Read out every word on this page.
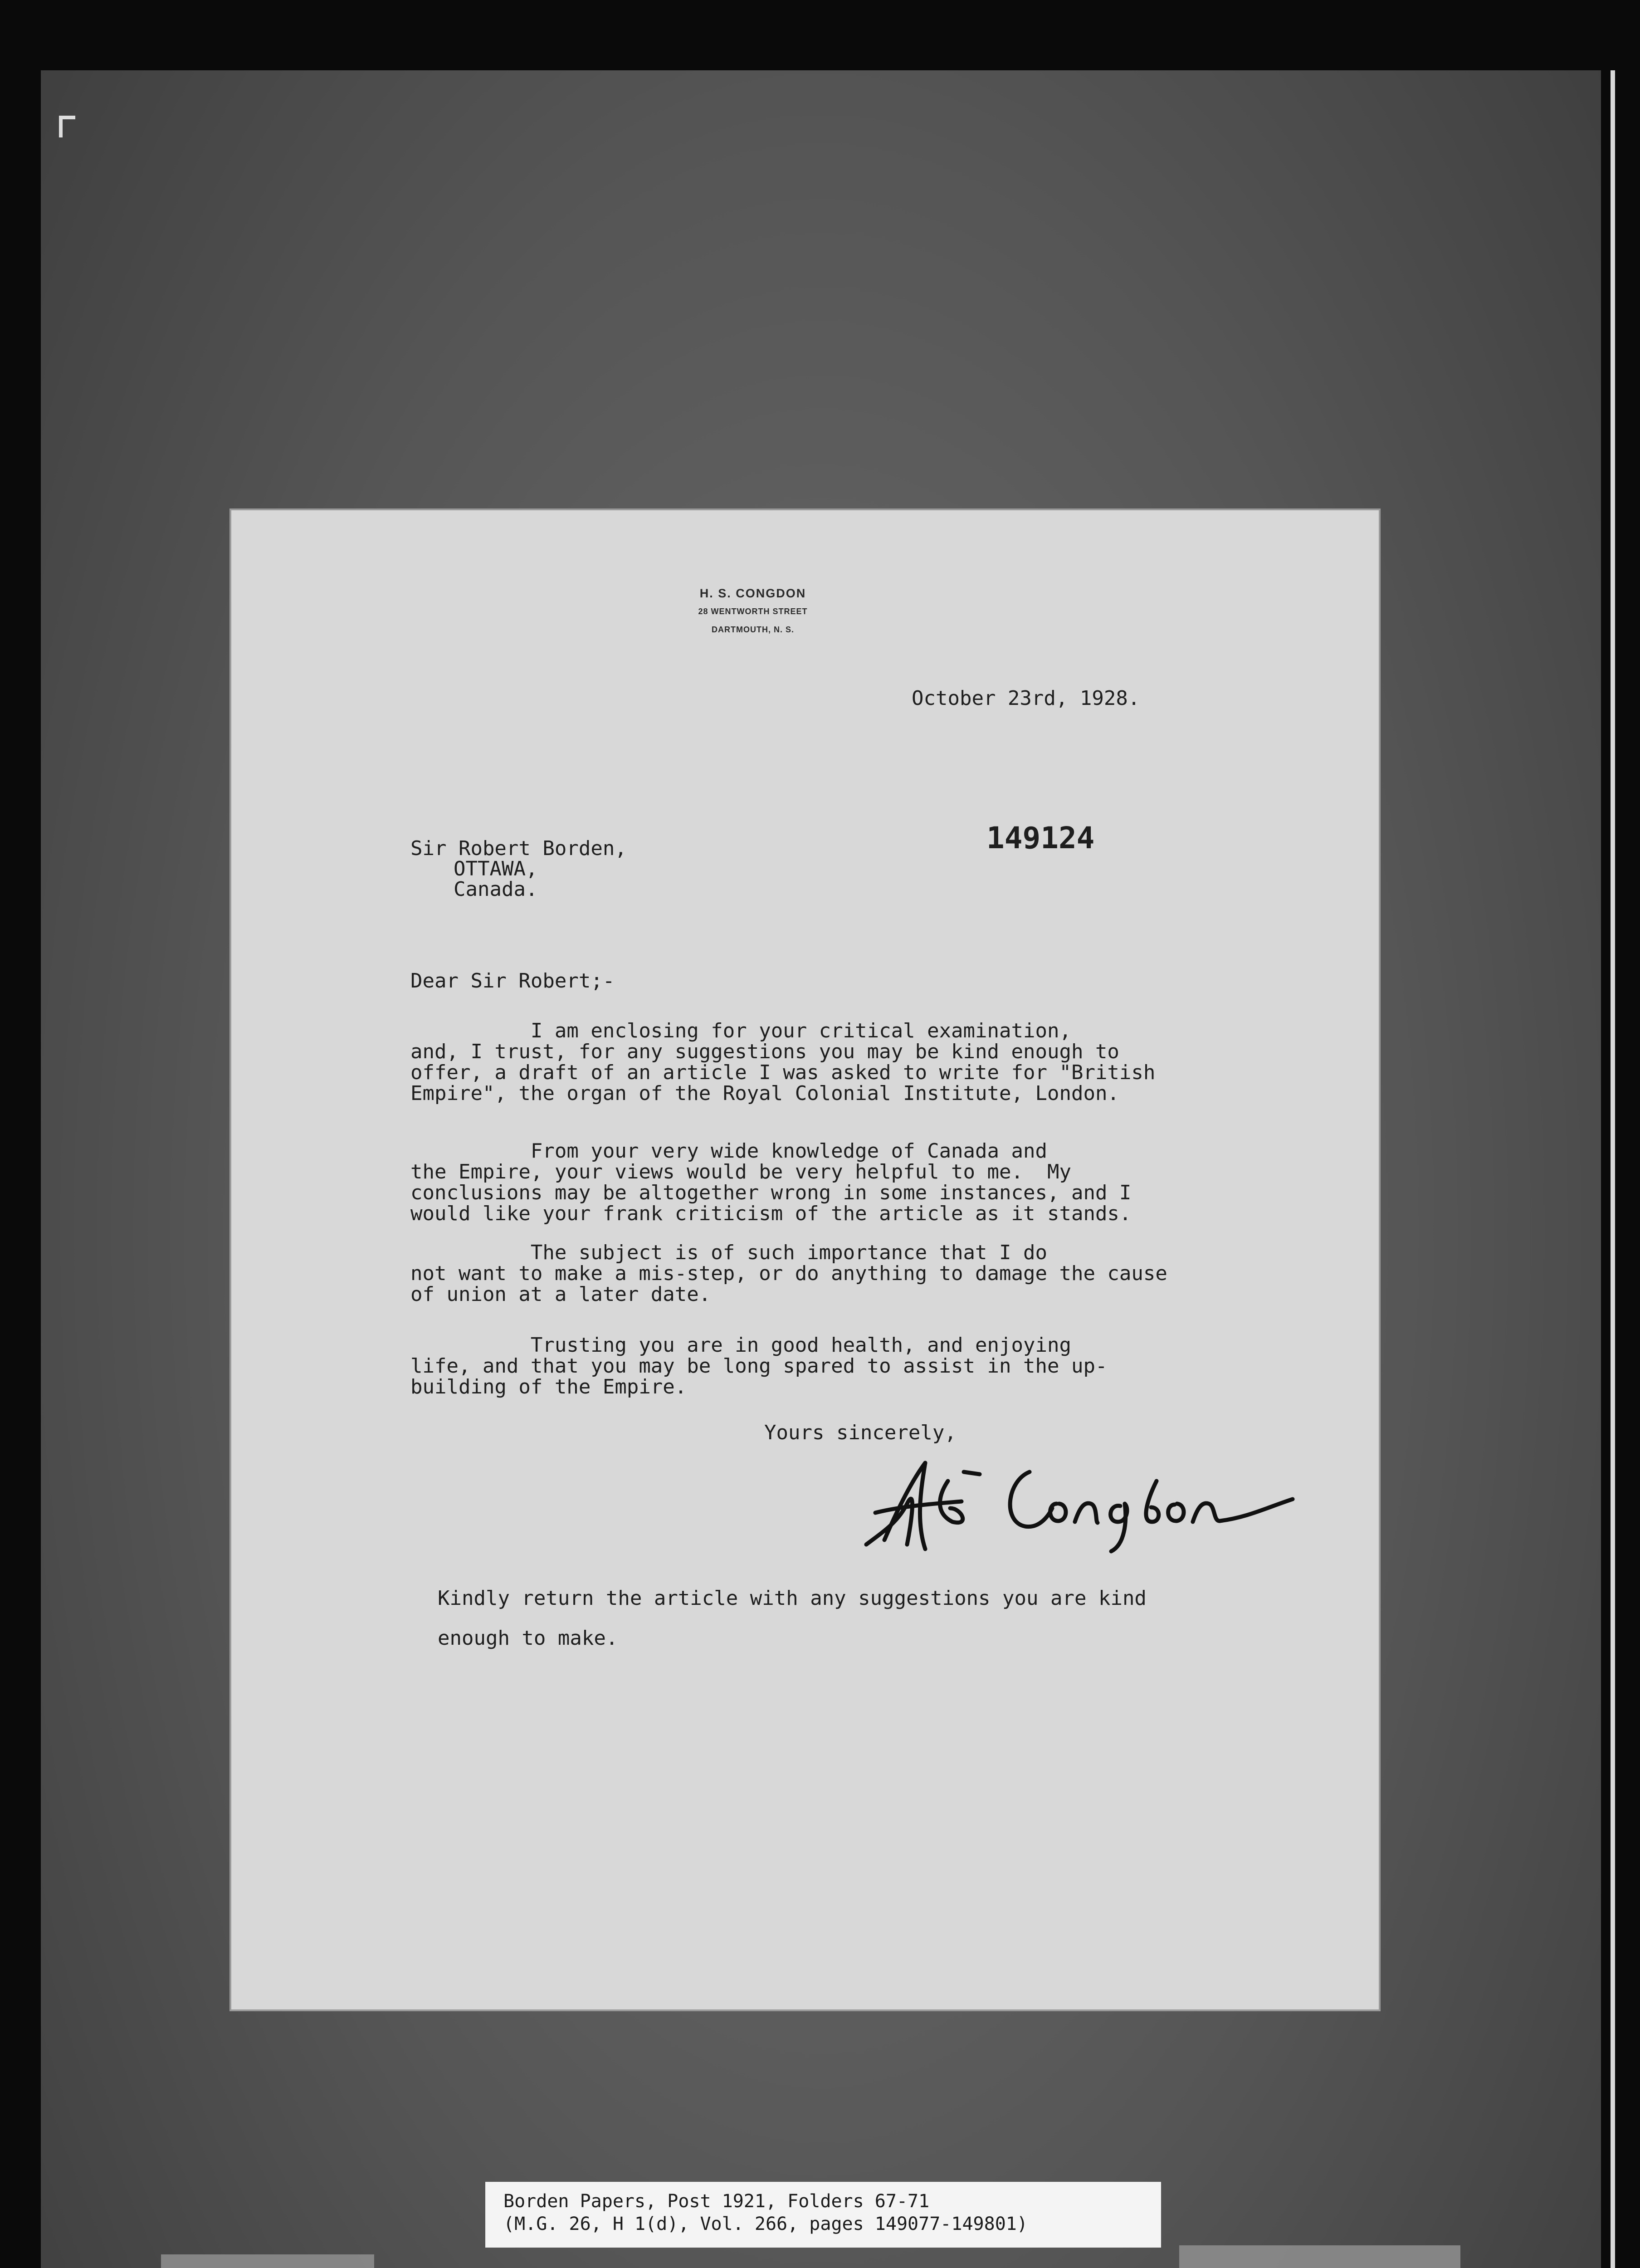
H. S. CONGDON
28 WENTWORTH STREET
DARTMOUTH, N. S.
October 23rd, 1928.
149124
Sir Robert Borden,
OTTAWA,
Canada.
Dear Sir Robert;-
I am enclosing for your critical examination,
and, I trust, for any suggestions you may be kind enough to
offer, a draft of an article I was asked to write for "British
Empire", the organ of the Royal Colonial Institute, London.
From your very wide knowledge of Canada and
the Empire, your views would be very helpful to me.  My
conclusions may be altogether wrong in some instances, and I
would like your frank criticism of the article as it stands.
The subject is of such importance that I do
not want to make a mis-step, or do anything to damage the cause
of union at a later date.
Trusting you are in good health, and enjoying
life, and that you may be long spared to assist in the up-
building of the Empire.
Yours sincerely,
Kindly return the article with any suggestions you are kind
enough to make.
Borden Papers, Post 1921, Folders 67-71
(M.G. 26, H 1(d), Vol. 266, pages 149077-149801)
